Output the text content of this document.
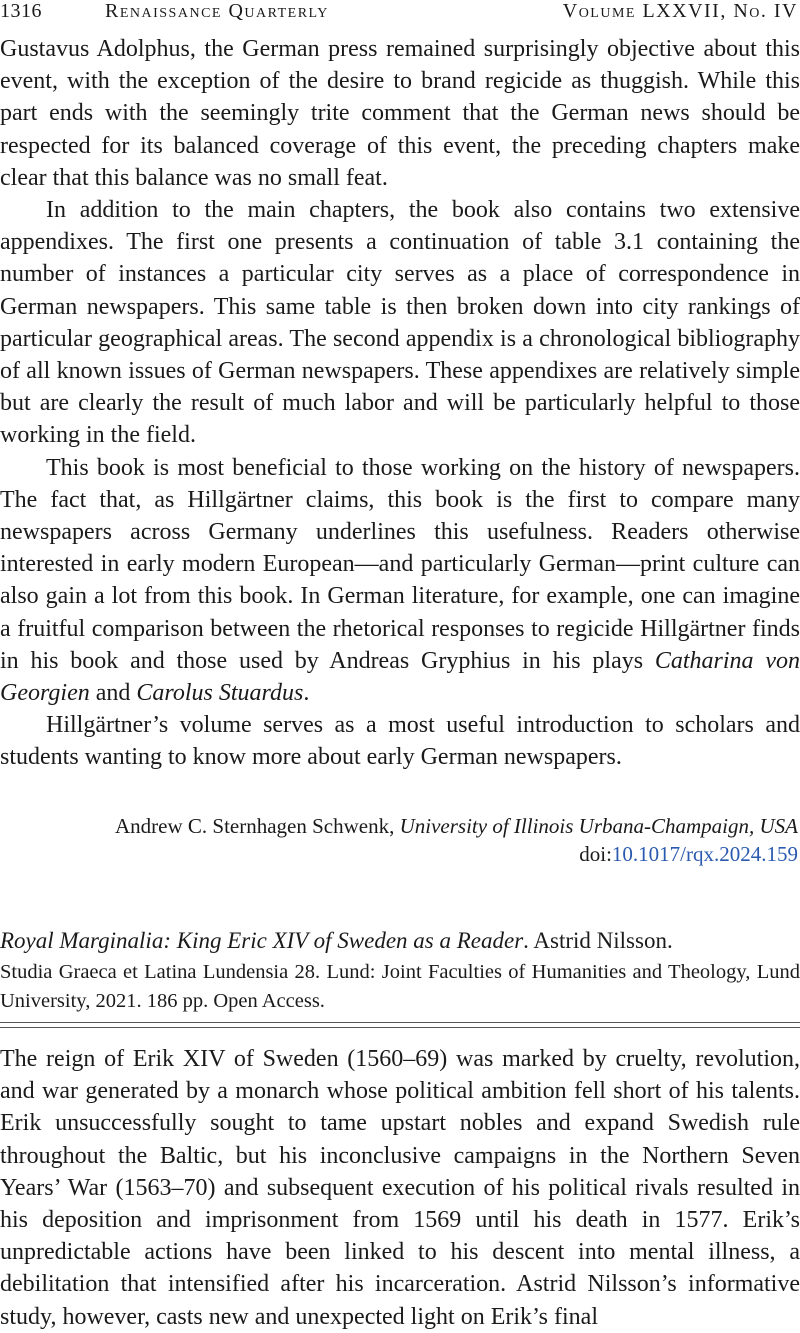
1316	Renaissance Quarterly	Volume LXXVII, No. IV

Gustavus Adolphus, the German press remained surprisingly objective about this event, with the exception of the desire to brand regicide as thuggish. While this part ends with the seemingly trite comment that the German news should be respected for its balanced coverage of this event, the preceding chapters make clear that this balance was no small feat.

In addition to the main chapters, the book also contains two extensive appendixes. The first one presents a continuation of table 3.1 containing the number of instances a particular city serves as a place of correspondence in German newspapers. This same table is then broken down into city rankings of particular geographical areas. The second appendix is a chronological bibliography of all known issues of German newspapers. These appendixes are relatively simple but are clearly the result of much labor and will be particularly helpful to those working in the field.

This book is most beneficial to those working on the history of newspapers. The fact that, as Hillgärtner claims, this book is the first to compare many newspapers across Germany underlines this usefulness. Readers otherwise interested in early modern European—and particularly German—print culture can also gain a lot from this book. In German literature, for example, one can imagine a fruitful comparison between the rhetorical responses to regicide Hillgärtner finds in his book and those used by Andreas Gryphius in his plays Catharina von Georgien and Carolus Stuardus.

Hillgärtner’s volume serves as a most useful introduction to scholars and students wanting to know more about early German newspapers.

Andrew C. Sternhagen Schwenk, University of Illinois Urbana-Champaign, USA
doi:10.1017/rqx.2024.159

Royal Marginalia: King Eric XIV of Sweden as a Reader. Astrid Nilsson.

Studia Graeca et Latina Lundensia 28. Lund: Joint Faculties of Humanities and Theology, Lund University, 2021. 186 pp. Open Access.

The reign of Erik XIV of Sweden (1560–69) was marked by cruelty, revolution, and war generated by a monarch whose political ambition fell short of his talents. Erik unsuccessfully sought to tame upstart nobles and expand Swedish rule throughout the Baltic, but his inconclusive campaigns in the Northern Seven Years’ War (1563–70) and subsequent execution of his political rivals resulted in his deposition and imprisonment from 1569 until his death in 1577. Erik’s unpredictable actions have been linked to his descent into mental illness, a debilitation that intensified after his incarceration. Astrid Nilsson’s informative study, however, casts new and unexpected light on Erik’s final
